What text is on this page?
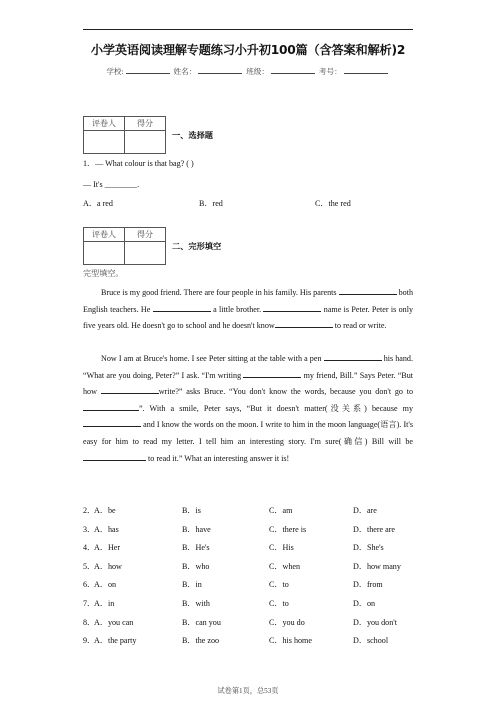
小学英语阅读理解专题练习小升初100篇（含答案和解析)2
学校:	姓名：	班级：	考号：
评卷人	得分

一、选择题
1．— What colour is that bag? ( )
— It's ________.
A．a red	B．red	C．the red
评卷人	得分

二、完形填空
完型填空。
Bruce is my good friend. There are four people in his family. His parents	both English teachers. He	a little brother.	name is Peter. Peter is only five years old. He doesn't go to school and he doesn't know	to read or write.
Now I am at Bruce's home. I see Peter sitting at the table with a pen	his hand. “What are you doing, Peter?” I ask. “I'm writing	my friend, Bill.” Says Peter. “But how	write?” asks Bruce. “You don't know the words, because you don't go to ”. With a smile, Peter says, “But it doesn't matter(没关系) because my  and I know the words on the moon. I write to him in the moon language(语言). It's easy for him to read my letter. I tell him an interesting story. I'm sure(确信) Bill will be  to read it.” What an interesting answer it is!
2．
A．be	B．is	C．am	D．are
3．
A．has	B．have	C．there is	D．there are
4．
A．Her	B．He's	C．His	D．She's
5．
A．how	B．who	C．when	D．how many
6．
A．on	B．in	C．to	D．from
7．
A．in	B．with	C．to	D．on
8．
A．you can	B．can you	C．you do	D．you don't
9．
A．the party	B．the zoo	C．his home	D．school
试卷第1页，总53页
